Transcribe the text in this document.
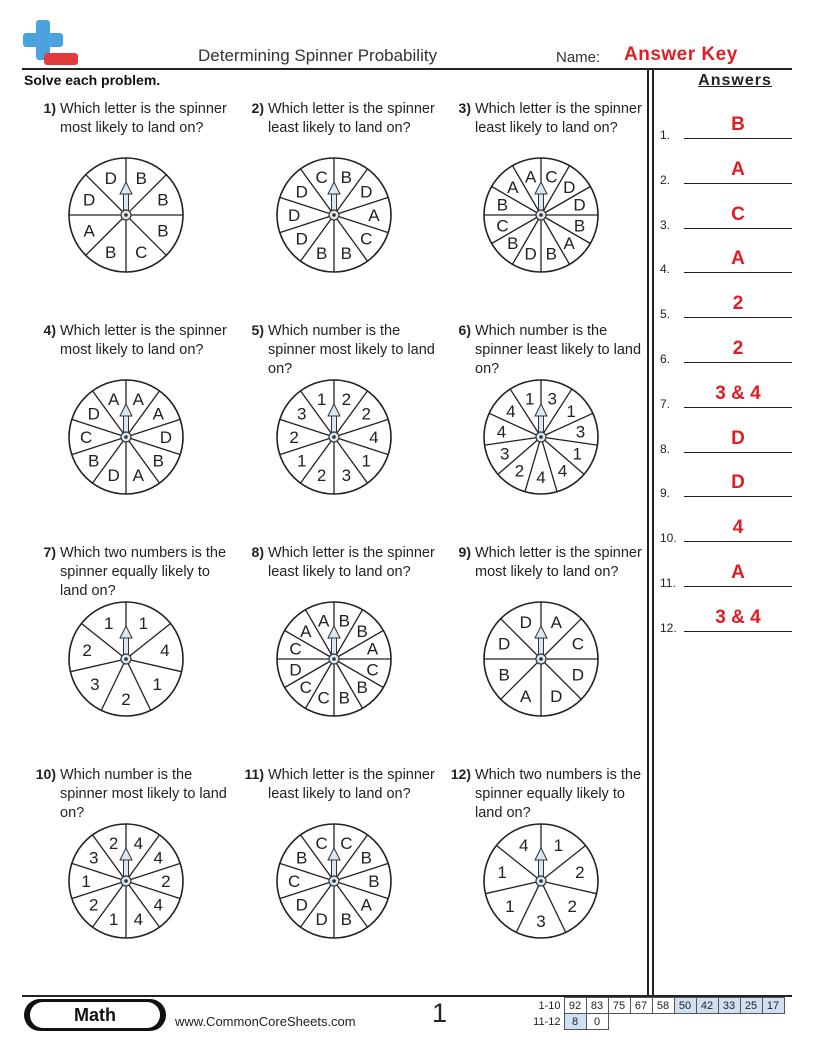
Determining Spinner Probability	Name: Answer Key
Solve each problem.	Answers
1.	B
2.	A
3.	C
4.	A
5.	2
6.	2
7.	3 & 4
8.	D
9.	D
10.	4
11.	A
12.	3 & 4
1) Which letter is the spinner most likely to land on?
B
B
B
C
B
A
D
D
2) Which letter is the spinner least likely to land on?
B
D
A
C
B
B
D
D
D
C
3) Which letter is the spinner least likely to land on?
C
D
D
B
A
B
D
B
C
B
A
A
4) Which letter is the spinner most likely to land on?
A
A
D
B
A
D
B
C
D
A
5) Which number is the spinner most likely to land on?
2
2
4
1
3
2
1
2
3
1
6) Which number is the spinner least likely to land on?
3
1
3
1
4
4
2
3
4
4
1
7) Which two numbers is the spinner equally likely to land on?
1
4
1
2
3
2
1
8) Which letter is the spinner least likely to land on?
B
B
A
C
B
B
C
C
D
C
A
A
9) Which letter is the spinner most likely to land on?
A
C
D
D
A
B
D
D
10) Which number is the spinner most likely to land on?
4
4
2
4
4
1
2
1
3
2
11) Which letter is the spinner least likely to land on?
C
B
B
A
B
D
D
C
B
C
12) Which two numbers is the spinner equally likely to land on?
1
2
2
3
1
1
4
Math	www.CommonCoreSheets.com	1	1-10	92	83	75	67	58	50	42	33	25	17
11-12	8	0								
